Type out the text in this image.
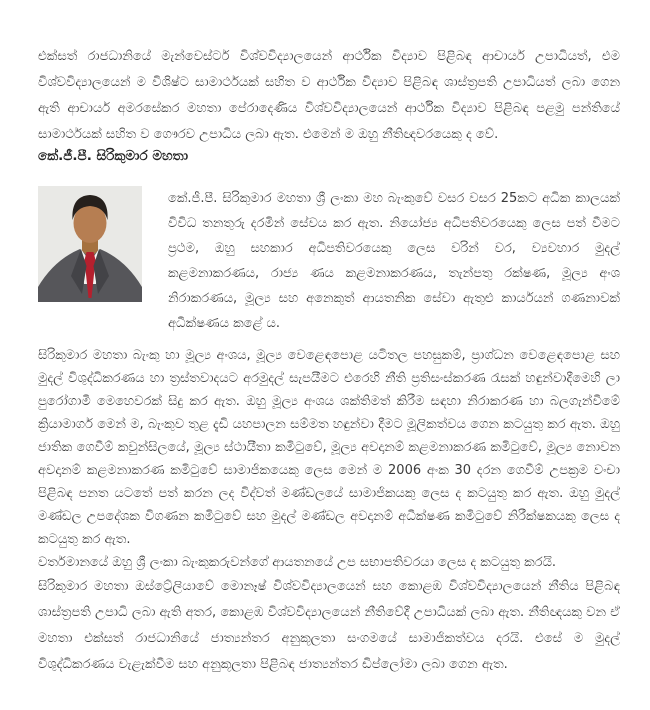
එක්සත් රාජධානියේ මැන්වෙස්ටර් විශ්වවිද්‍යාලයෙන් ආර්ථික විද්‍යාව පිළිබඳ ආචාර්ය උපාධියත්, එම විශ්වවිද්‍යාලයෙන් ම විශිෂ්ට සාමාර්ථයක් සහිත ව ආර්ථික විද්‍යාව පිළිබඳ ශාස්ත්‍රපති උපාධියත් ලබා ගෙන ඇති ආචාර්ය අමරසේකර මහතා පේරාදෙණිය විශ්වවිද්‍යාලයෙන් ආර්ථික විද්‍යාව පිළිබඳ පළමු පන්තියේ සාමාර්ථයක් සහිත ව ගෞරව උපාධිය ලබා ඇත. එමෙන් ම ඔහු නීතිඥවරයෙකු ද වේ.

කේ.ජී.පී. සිරිකුමාර මහතා

කේ.ජී.පී. සිරිකුමාර මහතා ශ්‍රී ලංකා මහ බැංකුවේ වසර වසර 25කට අධික කාලයක් විවිධ තනතුරු දරමින් සේවය කර ඇත. නියෝජ්‍ය අධිපතිවරයෙකු ලෙස පත් වීමට ප්‍රථම, ඔහු සහකාර අධිපතිවරයෙකු ලෙස වරින් වර, ව්‍යවහාර මුදල් කළමනාකරණය, රාජ්‍ය ණය කළමනාකරණය, තැන්පතු රක්ෂණ, මූල්‍ය අංශ නිරාකරණය, මූල්‍ය සහ අනෙකුත් ආයතනික සේවා ඇතුළු කාර්යයන් ගණනාවක් අධීක්ෂණය කළේ ය.

සිරිකුමාර මහතා බැංකු හා මූල්‍ය අංශය, මූල්‍ය වෙළෙඳපොළ යටිතල පහසුකම්, ප්‍රාග්ධන වෙළෙඳපොළ සහ මුදල් විශුද්ධිකරණය හා ත්‍රස්තවාදයට අරමුදල් සැපයීමට එරෙහි නීති ප්‍රතිසංස්කරණ රැසක් හඳුන්වාදීමෙහි ලා පුරෝගාමී මෙහෙවරක් සිදු කර ඇත. ඔහු මූල්‍ය අංශය ශක්තිමත් කිරීම සඳහා නිරාකරණ හා බලගැන්වීමේ ක්‍රියාමාර්ග මෙන් ම, බැංකුව තුළ දැඩි යහපාලන සම්මත හඳුන්වා දීමට මූලිකත්වය ගෙන කටයුතු කර ඇත. ඔහු ජාතික ගෙවීම් කවුන්සිලයේ, මූල්‍ය ස්ථායීතා කමිටුවේ, මූල්‍ය අවදානම් කළමනාකරණ කමිටුවේ, මූල්‍ය නොවන අවදානම් කළමනාකරණ කමිටුවේ සාමාජිකයෙකු ලෙස මෙන් ම 2006 අංක 30 දරන ගෙවීම් උපක්‍රම වංචා පිළිබඳ පනත යටතේ පත් කරන ලද විද්වත් මණ්ඩලයේ සාමාජිකයකු ලෙස ද කටයුතු කර ඇත. ඔහු මුදල් මණ්ඩල උපදේශක විගණන කමිටුවේ සහ මුදල් මණ්ඩල අවදානම් අධීක්ෂණ කමිටුවේ නිරීක්ෂකයකු ලෙස ද කටයුතු කර ඇත.

වර්තමානයේ ඔහු ශ්‍රී ලංකා බැංකුකරුවන්ගේ ආයතනයේ උප සභාපතිවරයා ලෙස ද කටයුතු කරයි.

සිරිකුමාර මහතා ඔස්ට්‍රේලියාවේ මොනෑෂ් විශ්වවිද්‍යාලයෙන් සහ කොළඹ විශ්වවිද්‍යාලයෙන් නීතිය පිළිබඳ ශාස්ත්‍රපති උපාධි ලබා ඇති අතර, කොළඹ විශ්වවිද්‍යාලයෙන් නීතිවේදී උපාධියක් ලබා ඇත. නීතිඥයකු වන ඒ මහතා එක්සත් රාජධානියේ ජාත්‍යන්තර අනුකූලතා සංගමයේ සාමාජිකත්වය දරයි. එසේ ම මුදල් විශුද්ධිකරණය වැළැක්වීම සහ අනුකූලතා පිළිබඳ ජාත්‍යන්තර ඩිප්ලෝමා ලබා ගෙන ඇත.
